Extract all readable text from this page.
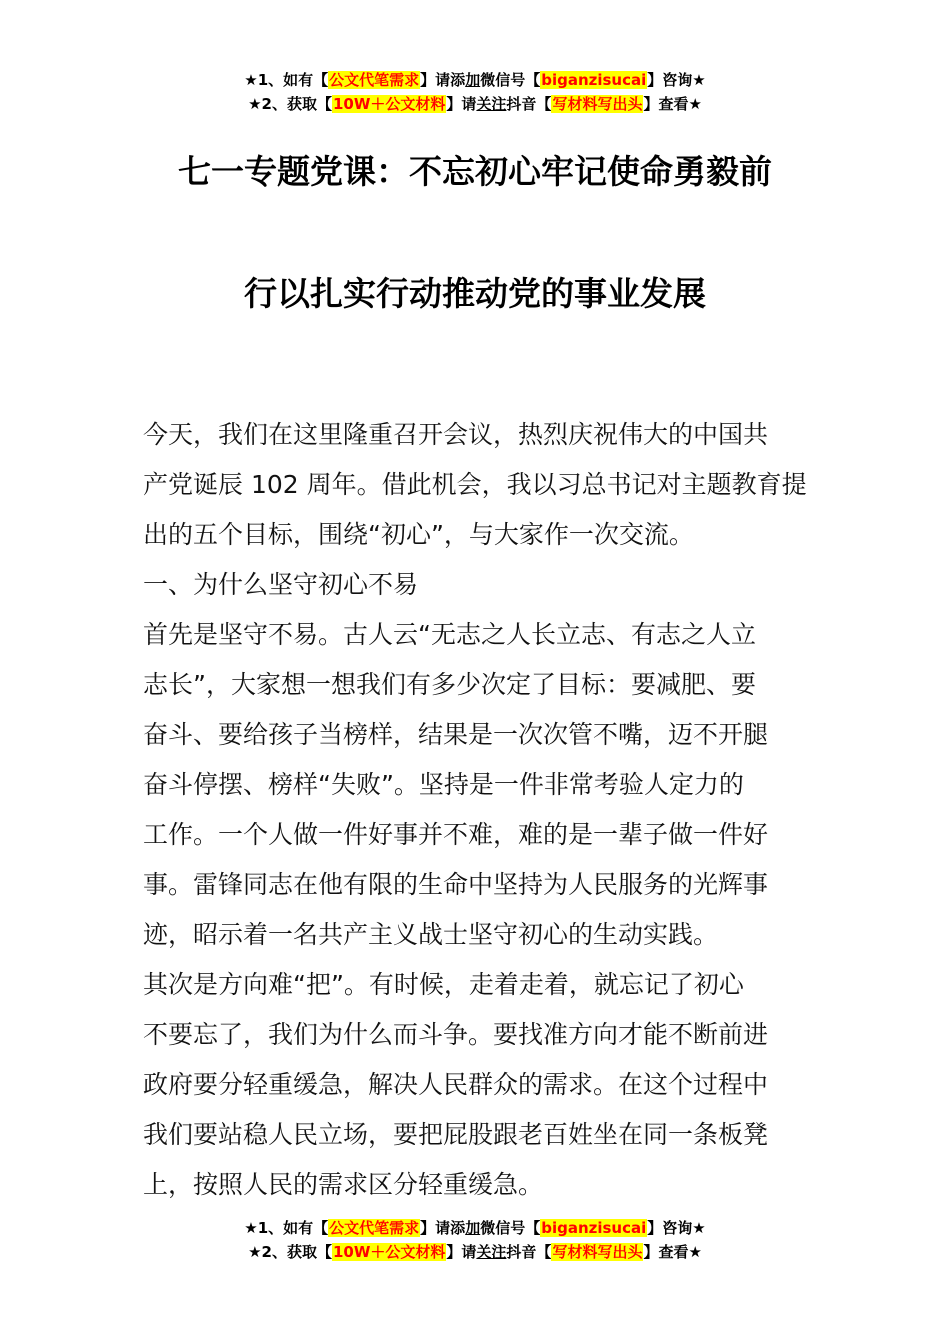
★1、如有【公文代笔需求】请添加微信号【biganzisucai】咨询★
★2、获取【10W＋公文材料】请关注抖音【写材料写出头】查看★
七一专题党课：不忘初心牢记使命勇毅前
行以扎实行动推动党的事业发展
今天，我们在这里隆重召开会议，热烈庆祝伟大的中国共
产党诞辰 102 周年。借此机会，我以习总书记对主题教育提
出的五个目标，围绕“初心”，与大家作一次交流。
一、为什么坚守初心不易
首先是坚守不易。古人云“无志之人长立志、有志之人立
志长”，大家想一想我们有多少次定了目标：要减肥、要
奋斗、要给孩子当榜样，结果是一次次管不嘴，迈不开腿
奋斗停摆、榜样“失败”。坚持是一件非常考验人定力的
工作。一个人做一件好事并不难，难的是一辈子做一件好
事。雷锋同志在他有限的生命中坚持为人民服务的光辉事
迹，昭示着一名共产主义战士坚守初心的生动实践。
其次是方向难“把”。有时候，走着走着，就忘记了初心
不要忘了，我们为什么而斗争。要找准方向才能不断前进
政府要分轻重缓急，解决人民群众的需求。在这个过程中
我们要站稳人民立场，要把屁股跟老百姓坐在同一条板凳
上，按照人民的需求区分轻重缓急。
★1、如有【公文代笔需求】请添加微信号【biganzisucai】咨询★
★2、获取【10W＋公文材料】请关注抖音【写材料写出头】查看★
